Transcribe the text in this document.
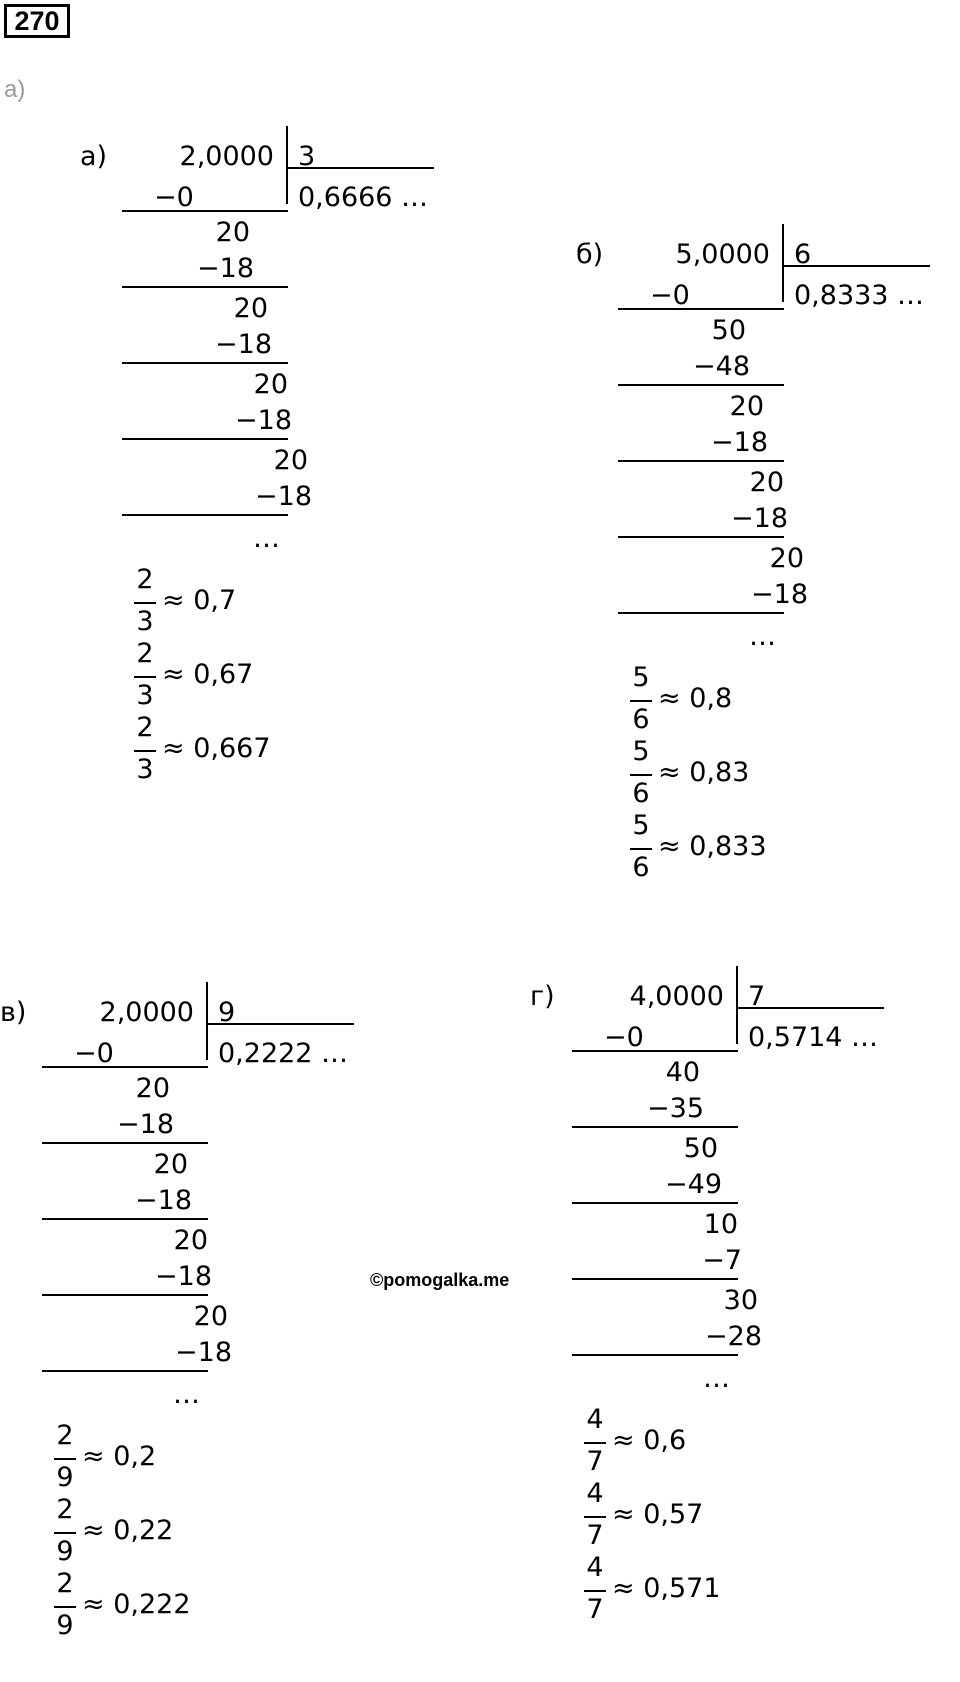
270
а)
а)	2,0000
−0
3
0,6666 …
20
−18
20
−18
20
−18
20
−18
…
2
3
≈ 0,7
2
3
≈ 0,67
2
3
≈ 0,667
б)	5,0000
−0
6
0,8333 …
50
−48
20
−18
20
−18
20
−18
…
5
6
≈ 0,8
5
6
≈ 0,83
5
6
≈ 0,833
в)	2,0000
−0
9
0,2222 …
20
−18
20
−18
20
−18
20
−18
…
2
9
≈ 0,2
2
9
≈ 0,22
2
9
≈ 0,222
г)	4,0000
−0
7
0,5714 …
40
−35
50
−49
10
−7
30
−28
…
4
7
≈ 0,6
4
7
≈ 0,57
4
7
≈ 0,571
©pomogalka.me
